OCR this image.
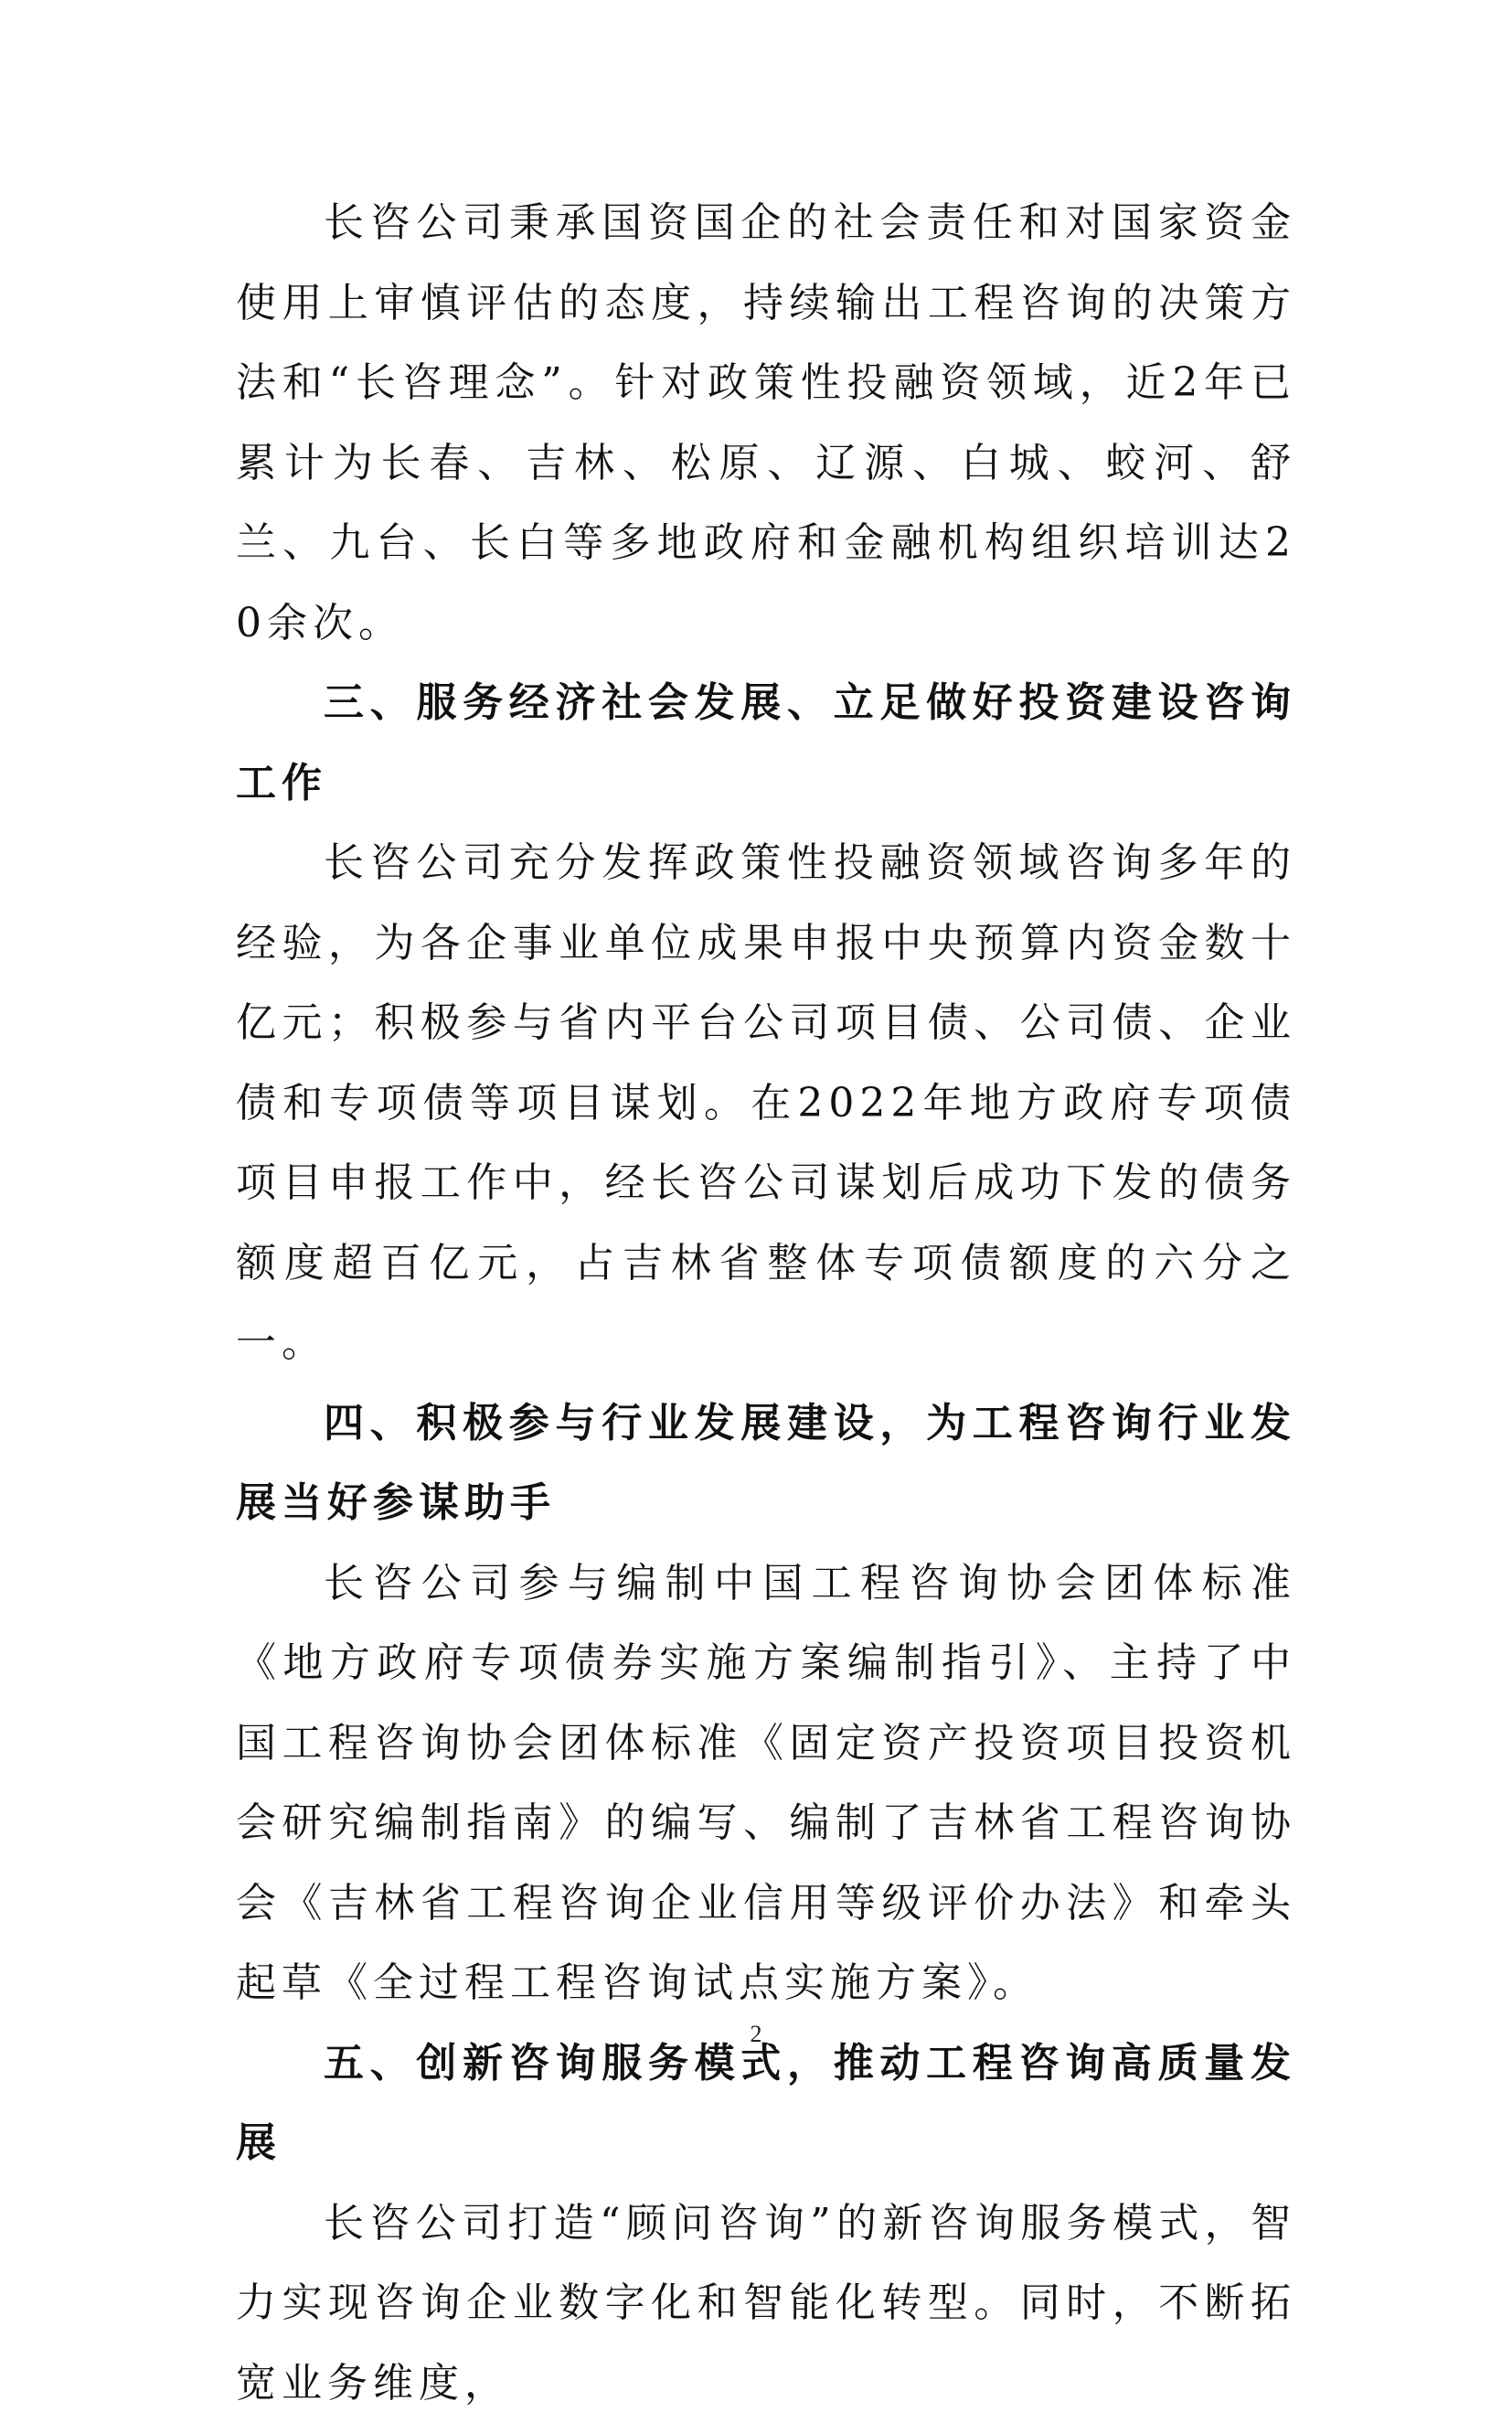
长咨公司秉承国资国企的社会责任和对国家资金使用上审慎评估的态度，持续输出工程咨询的决策方法和“长咨理念”。针对政策性投融资领域，近2年已累计为长春、吉林、松原、辽源、白城、蛟河、舒兰、九台、长白等多地政府和金融机构组织培训达20余次。

三、服务经济社会发展、立足做好投资建设咨询工作

长咨公司充分发挥政策性投融资领域咨询多年的经验，为各企事业单位成果申报中央预算内资金数十亿元；积极参与省内平台公司项目债、公司债、企业债和专项债等项目谋划。在2022年地方政府专项债项目申报工作中，经长咨公司谋划后成功下发的债务额度超百亿元，占吉林省整体专项债额度的六分之一。

四、积极参与行业发展建设，为工程咨询行业发展当好参谋助手

长咨公司参与编制中国工程咨询协会团体标准《地方政府专项债券实施方案编制指引》、主持了中国工程咨询协会团体标准《固定资产投资项目投资机会研究编制指南》的编写、编制了吉林省工程咨询协会《吉林省工程咨询企业信用等级评价办法》和牵头起草《全过程工程咨询试点实施方案》。

五、创新咨询服务模式，推动工程咨询高质量发展

长咨公司打造“顾问咨询”的新咨询服务模式，智力实现咨询企业数字化和智能化转型。同时，不断拓宽业务维度，

2
